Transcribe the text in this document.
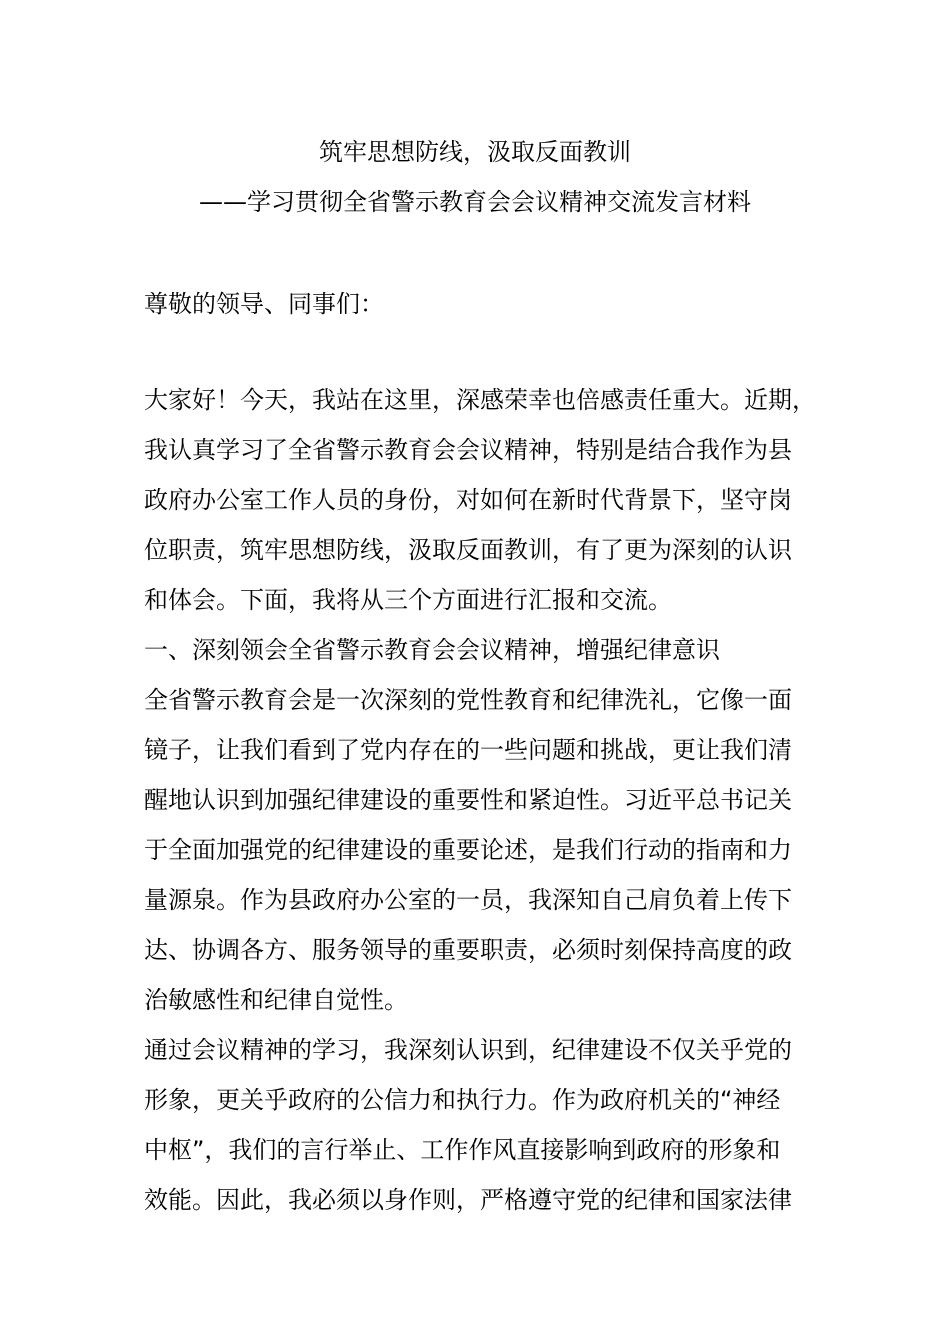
筑牢思想防线，汲取反面教训
——学习贯彻全省警示教育会会议精神交流发言材料
尊敬的领导、同事们：
大家好！今天，我站在这里，深感荣幸也倍感责任重大。近期，
我认真学习了全省警示教育会会议精神，特别是结合我作为县
政府办公室工作人员的身份，对如何在新时代背景下，坚守岗
位职责，筑牢思想防线，汲取反面教训，有了更为深刻的认识
和体会。下面，我将从三个方面进行汇报和交流。
一、深刻领会全省警示教育会会议精神，增强纪律意识
全省警示教育会是一次深刻的党性教育和纪律洗礼，它像一面
镜子，让我们看到了党内存在的一些问题和挑战，更让我们清
醒地认识到加强纪律建设的重要性和紧迫性。习近平总书记关
于全面加强党的纪律建设的重要论述，是我们行动的指南和力
量源泉。作为县政府办公室的一员，我深知自己肩负着上传下
达、协调各方、服务领导的重要职责，必须时刻保持高度的政
治敏感性和纪律自觉性。
通过会议精神的学习，我深刻认识到，纪律建设不仅关乎党的
形象，更关乎政府的公信力和执行力。作为政府机关的“神经
中枢”，我们的言行举止、工作作风直接影响到政府的形象和
效能。因此，我必须以身作则，严格遵守党的纪律和国家法律
